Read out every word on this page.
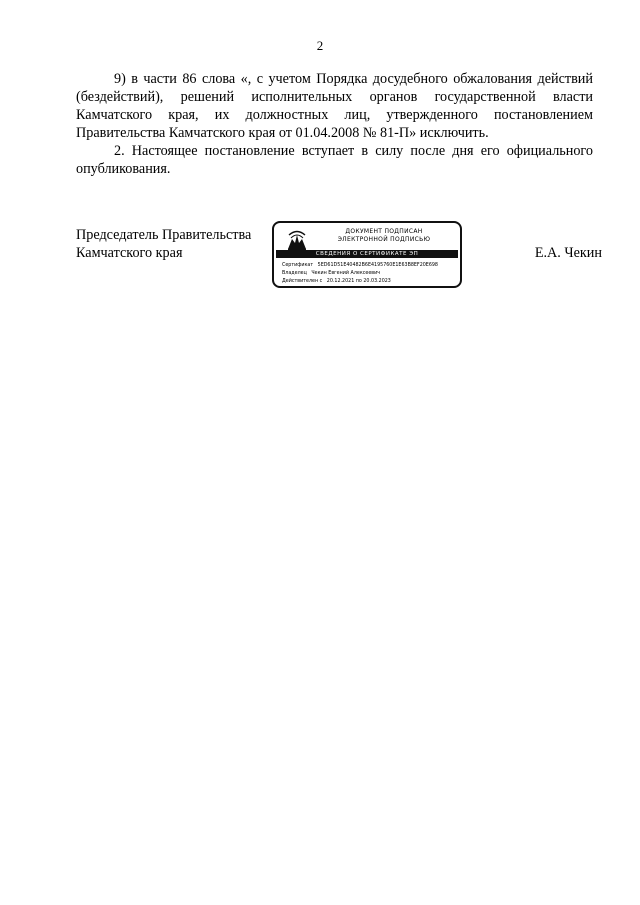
2

9) в части 86 слова «, с учетом Порядка досудебного обжалования действий (бездействий), решений исполнительных органов государственной власти Камчатского края, их должностных лиц, утвержденного постановлением Правительства Камчатского края от 01.04.2008 № 81-П» исключить.

2. Настоящее постановление вступает в силу после дня его официального опубликования.

Председатель Правительства
Камчатского края
ДОКУМЕНТ ПОДПИСАН
ЭЛЕКТРОННОЙ ПОДПИСЬЮ
СВЕДЕНИЯ О СЕРТИФИКАТЕ ЭП
Сертификат 5ED61D51E40482B6E4195760E1E63B8EF20E698
Владелец Чекин Евгений Алексеевич
Действителен с 20.12.2021 по 20.03.2023
Е.А. Чекин
